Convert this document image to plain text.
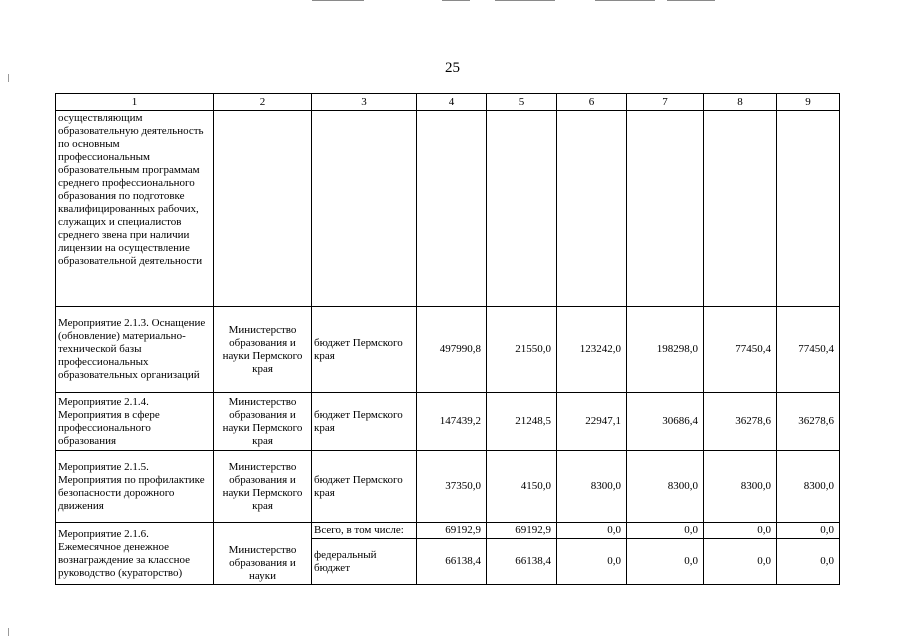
25
1	2	3	4	5	6	7	8	9
осуществляющим образовательную деятельность по основным профессиональным образовательным программам среднего профессионального образования по подготовке квалифицированных рабочих, служащих и специалистов среднего звена при наличии лицензии на осуществление образовательной деятельности								
Мероприятие 2.1.3. Оснащение (обновление) материально-технической базы профессиональных образовательных организаций	Министерство образования и науки Пермского края	бюджет Пермского края	497990,8	21550,0	123242,0	198298,0	77450,4	77450,4
Мероприятие 2.1.4. Мероприятия в сфере профессионального образования	Министерство образования и науки Пермского края	бюджет Пермского края	147439,2	21248,5	22947,1	30686,4	36278,6	36278,6
Мероприятие 2.1.5. Мероприятия по профилактике безопасности дорожного движения	Министерство образования и науки Пермского края	бюджет Пермского края	37350,0	4150,0	8300,0	8300,0	8300,0	8300,0
Мероприятие 2.1.6. Ежемесячное денежное вознаграждение за классное руководство (кураторство)	Министерство образования и науки	Всего, в том числе:	69192,9	69192,9	0,0	0,0	0,0	0,0
		федеральный бюджет	66138,4	66138,4	0,0	0,0	0,0	0,0
